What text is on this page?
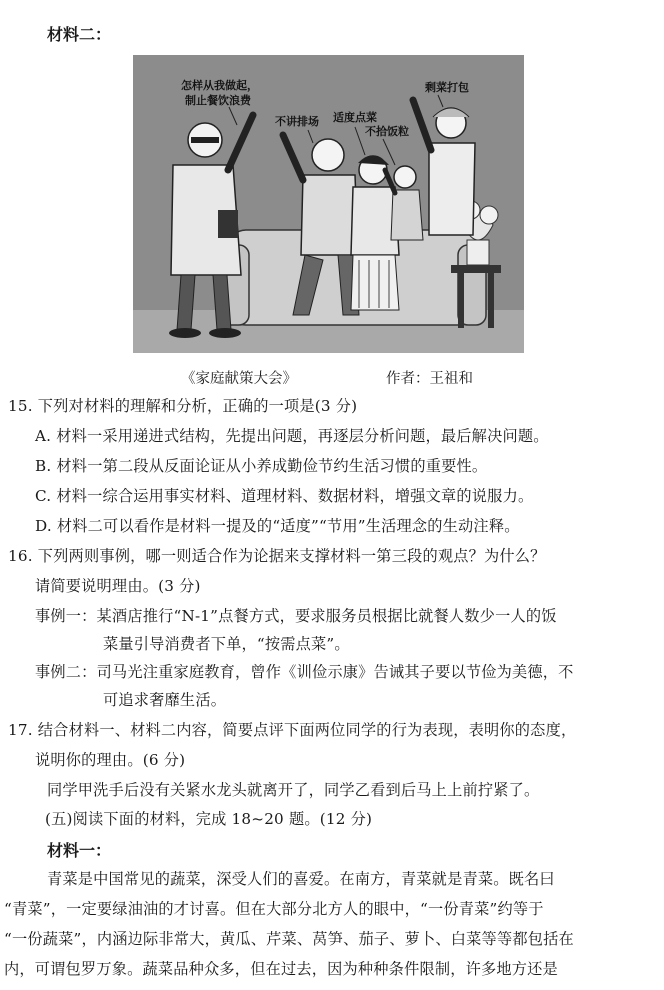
材料二：
怎样从我做起，
制止餐饮浪费
不讲排场 适度点菜
不拾饭粒
剩菜打包
《家庭献策大会》	作者：王祖和
15. 下列对材料的理解和分析，正确的一项是(3 分)
A. 材料一采用递进式结构，先提出问题，再逐层分析问题，最后解决问题。
B. 材料一第二段从反面论证从小养成勤俭节约生活习惯的重要性。
C. 材料一综合运用事实材料、道理材料、数据材料，增强文章的说服力。
D. 材料二可以看作是材料一提及的“适度”“节用”生活理念的生动注释。
16. 下列两则事例，哪一则适合作为论据来支撑材料一第三段的观点？为什么？
请简要说明理由。(3 分)
事例一：某酒店推行“N-1”点餐方式，要求服务员根据比就餐人数少一人的饭
菜量引导消费者下单，“按需点菜”。
事例二：司马光注重家庭教育，曾作《训俭示康》告诫其子要以节俭为美德，不
可追求奢靡生活。
17. 结合材料一、材料二内容，简要点评下面两位同学的行为表现，表明你的态度，
说明你的理由。(6 分)
同学甲洗手后没有关紧水龙头就离开了，同学乙看到后马上上前拧紧了。
(五)阅读下面的材料，完成 18~20 题。(12 分)
材料一：
青菜是中国常见的蔬菜，深受人们的喜爱。在南方，青菜就是青菜。既名曰
“青菜”，一定要绿油油的才讨喜。但在大部分北方人的眼中，“一份青菜”约等于
“一份蔬菜”，内涵边际非常大，黄瓜、芹菜、莴笋、茄子、萝卜、白菜等等都包括在
内，可谓包罗万象。蔬菜品种众多，但在过去，因为种种条件限制，许多地方还是
